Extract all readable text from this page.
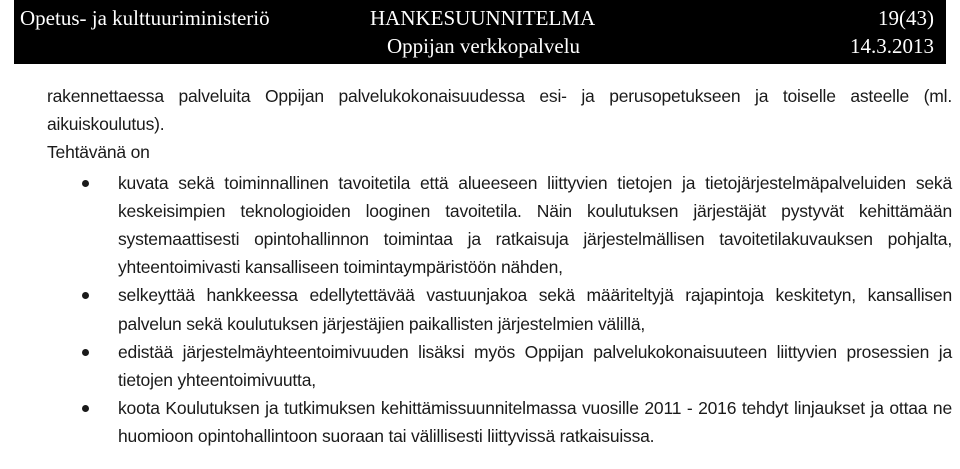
Opetus- ja kulttuuriministeriö	HANKESUUNNITELMA	19(43)
Oppijan verkkopalvelu	14.3.2013

rakennettaessa palveluita Oppijan palvelukokonaisuudessa esi- ja perusopetukseen ja toiselle asteelle (ml. aikuiskoulutus).

Tehtävänä on

kuvata sekä toiminnallinen tavoitetila että alueeseen liittyvien tietojen ja tietojärjestelmäpalveluiden sekä keskeisimpien teknologioiden looginen tavoitetila. Näin koulutuksen järjestäjät pystyvät kehittämään systemaattisesti opintohallinnon toimintaa ja ratkaisuja järjestelmällisen tavoitetilakuvauksen pohjalta, yhteentoimivasti kansalliseen toimintaympäristöön nähden,
selkeyttää hankkeessa edellytettävää vastuunjakoa sekä määriteltyjä rajapintoja keskitetyn, kansallisen palvelun sekä koulutuksen järjestäjien paikallisten järjestelmien välillä,
edistää järjestelmäyhteentoimivuuden lisäksi myös Oppijan palvelukokonaisuuteen liittyvien prosessien ja tietojen yhteentoimivuutta,
koota Koulutuksen ja tutkimuksen kehittämissuunnitelmassa vuosille 2011 - 2016 tehdyt linjaukset ja ottaa ne huomioon opintohallintoon suoraan tai välillisesti liittyvissä ratkaisuissa.
